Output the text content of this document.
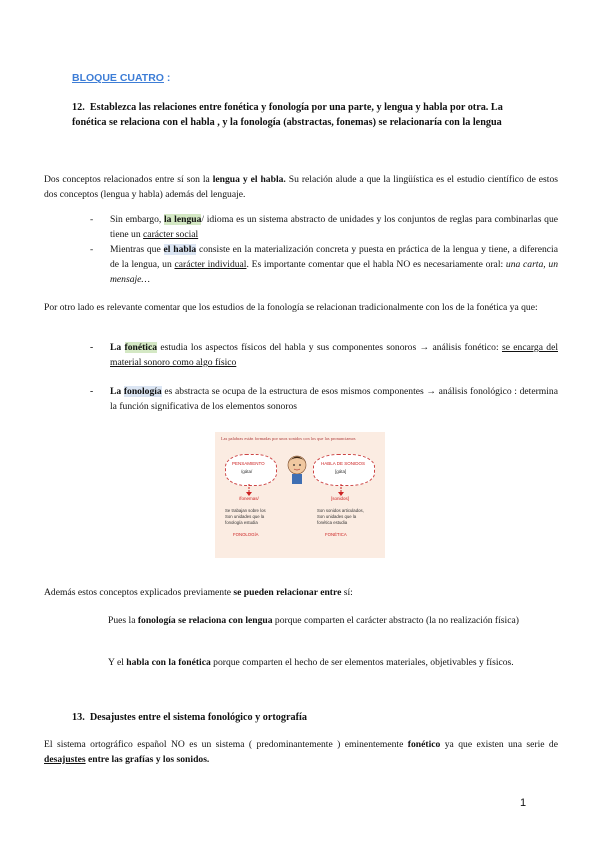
BLOQUE CUATRO :
12. Establezca las relaciones entre fonética y fonología por una parte, y lengua y habla por otra. La fonética se relaciona con el habla , y la fonología (abstractas, fonemas) se relacionaría con la lengua
Dos conceptos relacionados entre sí son la lengua y el habla. Su relación alude a que la lingüística es el estudio científico de estos dos conceptos (lengua y habla) además del lenguaje.
- Sin embargo, la lengua/ idioma es un sistema abstracto de unidades y los conjuntos de reglas para combinarlas que tiene un carácter social
- Mientras que el habla consiste en la materialización concreta y puesta en práctica de la lengua y tiene, a diferencia de la lengua, un carácter individual. Es importante comentar que el habla NO es necesariamente oral: una carta, un mensaje…
Por otro lado es relevante comentar que los estudios de la fonología se relacionan tradicionalmente con los de la fonética ya que:
- La fonética estudia los aspectos físicos del habla y sus componentes sonoros → análisis fonético: se encarga del material sonoro como algo físico
- La fonología es abstracta se ocupa de la estructura de esos mismos componentes → análisis fonológico : determina la función significativa de los elementos sonoros
Las palabras están formadas por unos sonidos con los que las pronunciamos
PENSAMIENTO
/gáta/
/fonemas/
Se trabajan sobre los
Son unidades que la
fonología estudia
FONOLOGÍA
HABLA DE SONIDOS
[gáta]
[sonidos]
Son sonidos articulados,
Son unidades que la
fonética estudia
FONÉTICA
Además estos conceptos explicados previamente se pueden relacionar entre sí:
Pues la fonología se relaciona con lengua porque comparten el carácter abstracto (la no realización física)
Y el habla con la fonética porque comparten el hecho de ser elementos materiales, objetivables y físicos.
13. Desajustes entre el sistema fonológico y ortografía
El sistema ortográfico español NO es un sistema ( predominantemente ) eminentemente fonético ya que existen una serie de desajustes entre las grafías y los sonidos.
1
